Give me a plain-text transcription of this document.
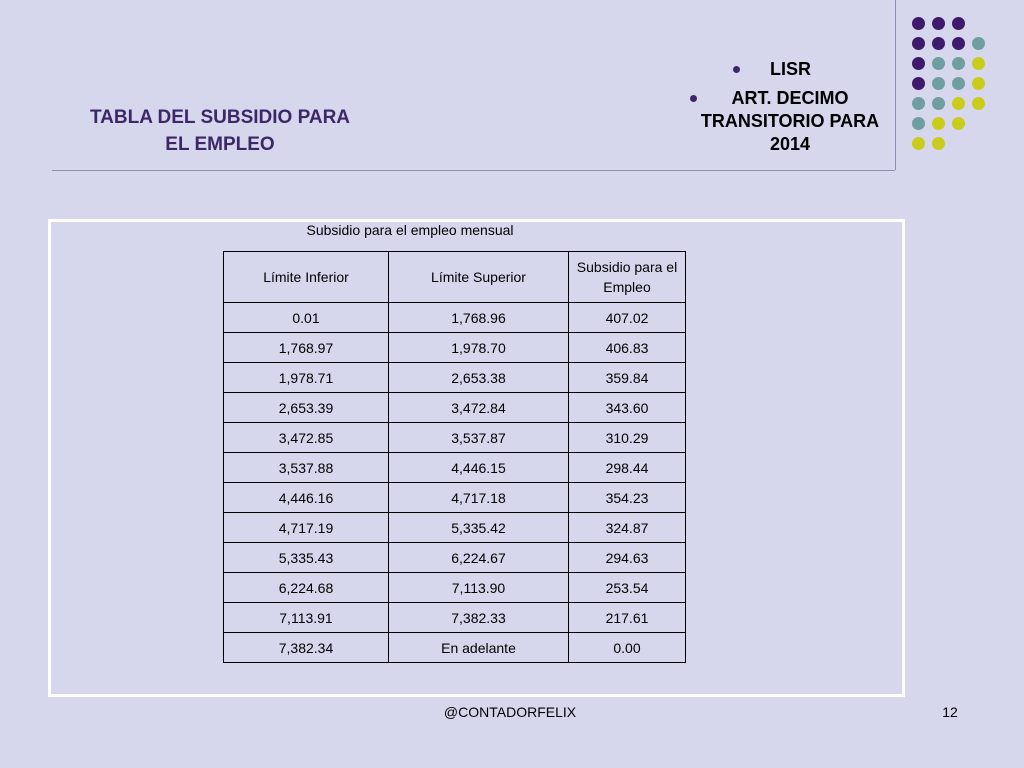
TABLA DEL SUBSIDIO PARA
EL EMPLEO
LISR
ART. DECIMO TRANSITORIO PARA 2014
Subsidio para el empleo mensual
Límite Inferior	Límite Superior	Subsidio para el Empleo
0.01	1,768.96	407.02
1,768.97	1,978.70	406.83
1,978.71	2,653.38	359.84
2,653.39	3,472.84	343.60
3,472.85	3,537.87	310.29
3,537.88	4,446.15	298.44
4,446.16	4,717.18	354.23
4,717.19	5,335.42	324.87
5,335.43	6,224.67	294.63
6,224.68	7,113.90	253.54
7,113.91	7,382.33	217.61
7,382.34	En adelante	0.00
@CONTADORFELIX	12
